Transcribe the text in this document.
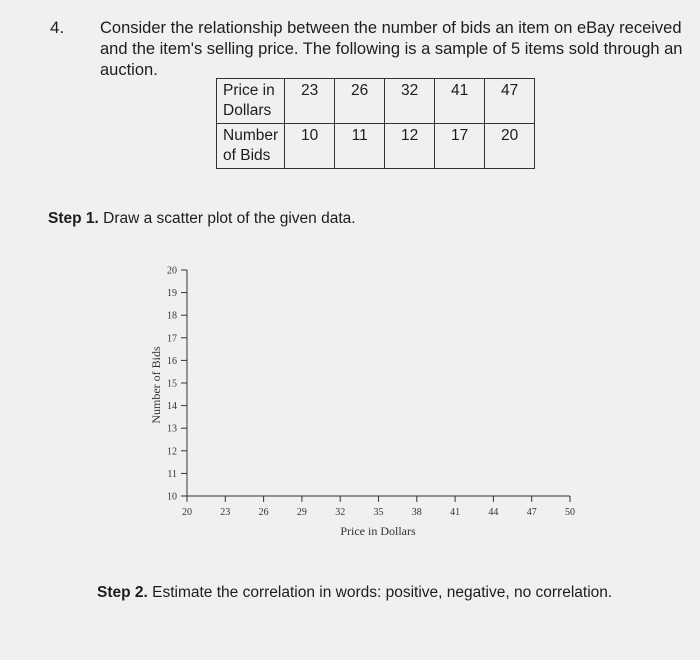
4. Consider the relationship between the number of bids an item on eBay received and the item's selling price. The following is a sample of 5 items sold through an auction.
Price in Dollars	23	26	32	41	47
Number of Bids	10	11	12	17	20
Step 1. Draw a scatter plot of the given data.
20	23	26	29	32	35	38	41	44	47	50
10
11
12
13
14
15
16
17
18
19
20
Price in Dollars
Number of Bids
Step 2. Estimate the correlation in words: positive, negative, no correlation.
